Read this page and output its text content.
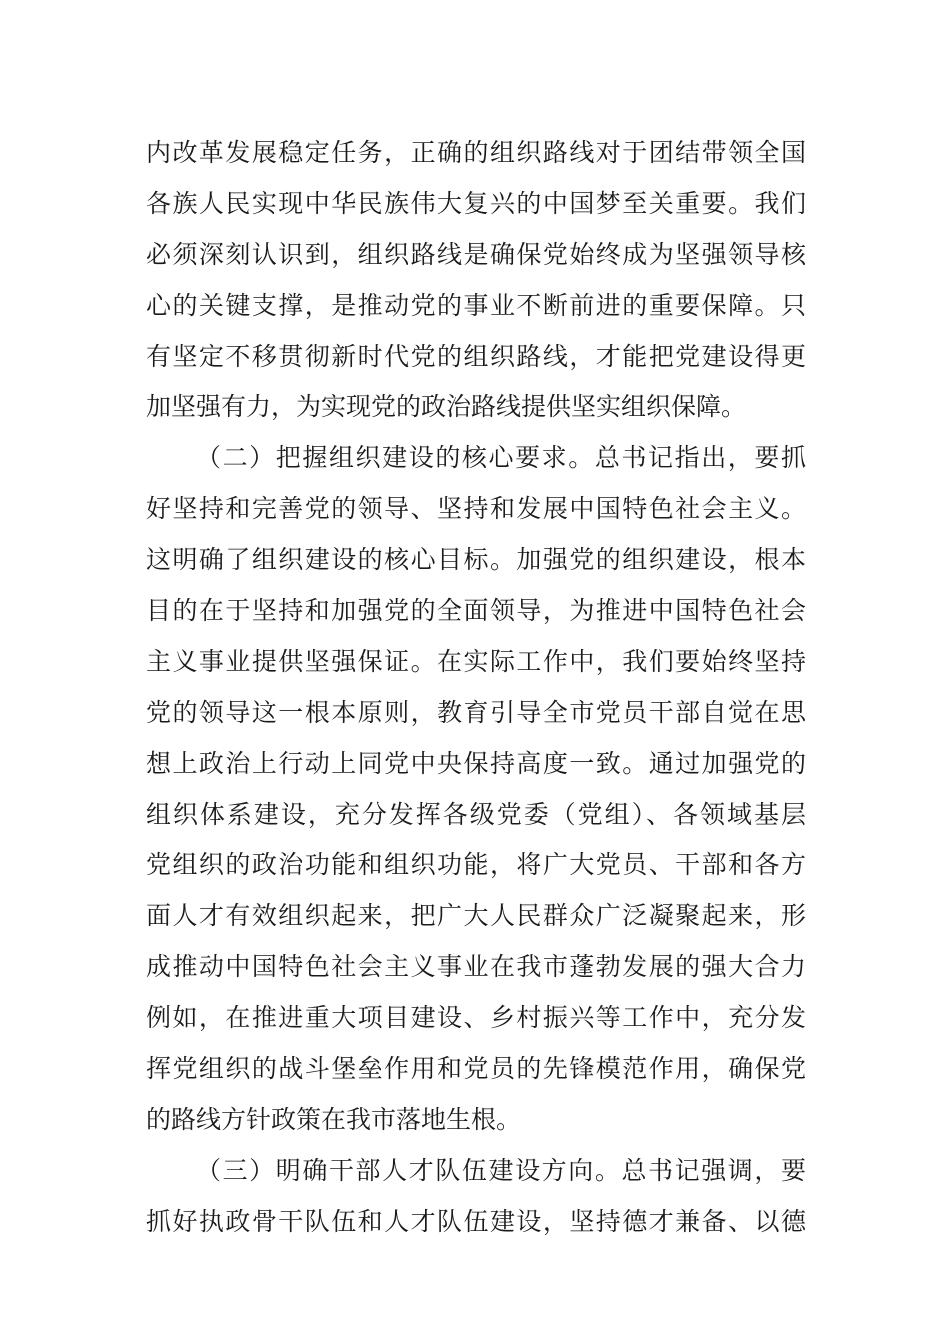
内改革发展稳定任务，正确的组织路线对于团结带领全国
各族人民实现中华民族伟大复兴的中国梦至关重要。我们
必须深刻认识到，组织路线是确保党始终成为坚强领导核
心的关键支撑，是推动党的事业不断前进的重要保障。只
有坚定不移贯彻新时代党的组织路线，才能把党建设得更
加坚强有力，为实现党的政治路线提供坚实组织保障。
（二）把握组织建设的核心要求。总书记指出，要抓
好坚持和完善党的领导、坚持和发展中国特色社会主义。
这明确了组织建设的核心目标。加强党的组织建设，根本
目的在于坚持和加强党的全面领导，为推进中国特色社会
主义事业提供坚强保证。在实际工作中，我们要始终坚持
党的领导这一根本原则，教育引导全市党员干部自觉在思
想上政治上行动上同党中央保持高度一致。通过加强党的
组织体系建设，充分发挥各级党委（党组）、各领域基层
党组织的政治功能和组织功能，将广大党员、干部和各方
面人才有效组织起来，把广大人民群众广泛凝聚起来，形
成推动中国特色社会主义事业在我市蓬勃发展的强大合力
例如，在推进重大项目建设、乡村振兴等工作中，充分发
挥党组织的战斗堡垒作用和党员的先锋模范作用，确保党
的路线方针政策在我市落地生根。
（三）明确干部人才队伍建设方向。总书记强调，要
抓好执政骨干队伍和人才队伍建设，坚持德才兼备、以德
